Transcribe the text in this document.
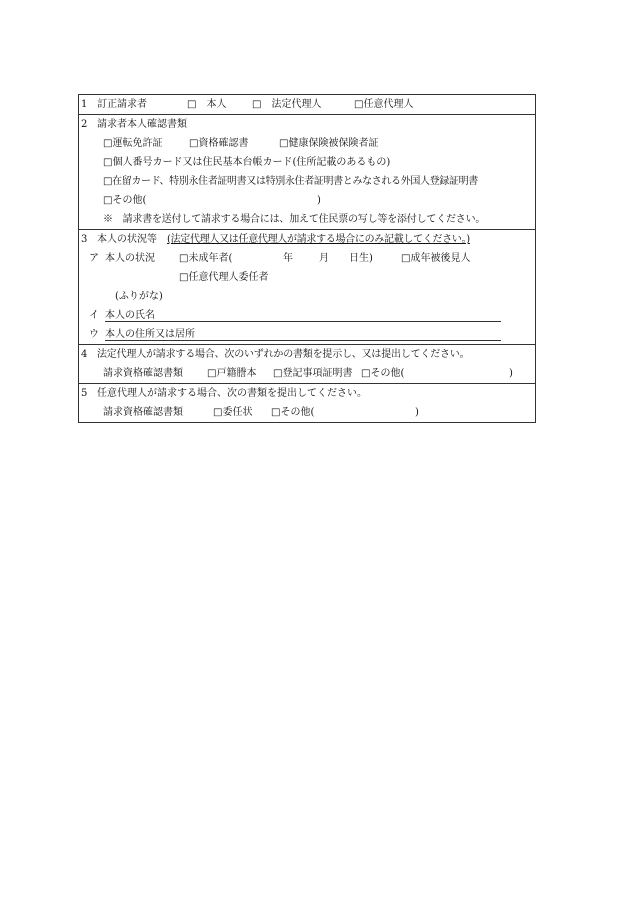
1 訂正請求者	□　本人	□　法定代理人	□任意代理人
2 請求者本人確認書類
□運転免許証	□資格確認書	□健康保険被保険者証
□個人番号カード又は住民基本台帳カード(住所記載のあるもの)
□在留カード、特別永住者証明書又は特別永住者証明書とみなされる外国人登録証明書
□その他(	)
※　請求書を送付して請求する場合には、加えて住民票の写し等を添付してください。
3 本人の状況等 (法定代理人又は任意代理人が請求する場合にのみ記載してください。)
ア 本人の状況 □未成年者(	年	月 日生)	□成年被後見人
□任意代理人委任者
(ふりがな)
イ 本人の氏名
ウ 本人の住所又は居所
4 法定代理人が請求する場合、次のいずれかの書類を提示し、又は提出してください。
請求資格確認書類 □戸籍謄本 □登記事項証明書 □その他(	)
5 任意代理人が請求する場合、次の書類を提出してください。
請求資格確認書類	□委任状 □その他(	)
